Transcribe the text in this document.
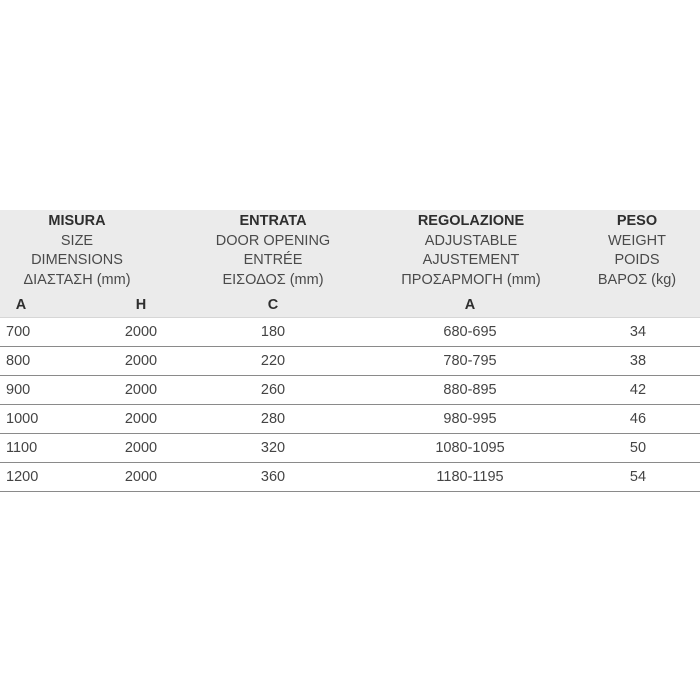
MISURA
SIZE
DIMENSIONS
ΔΙΑΣΤΑΣΗ (mm)
ENTRATA
DOOR OPENING
ENTRÉE
ΕΙΣΟΔΟΣ (mm)
REGOLAZIONE
ADJUSTABLE
AJUSTEMENT
ΠΡΟΣΑΡΜΟΓΗ (mm)
PESO
WEIGHT
POIDS
ΒΑΡΟΣ (kg)
A	H	C	A
700	2000	180	680-695	34
800	2000	220	780-795	38
900	2000	260	880-895	42
1000	2000	280	980-995	46
1100	2000	320	1080-1095	50
1200	2000	360	1180-1195	54
